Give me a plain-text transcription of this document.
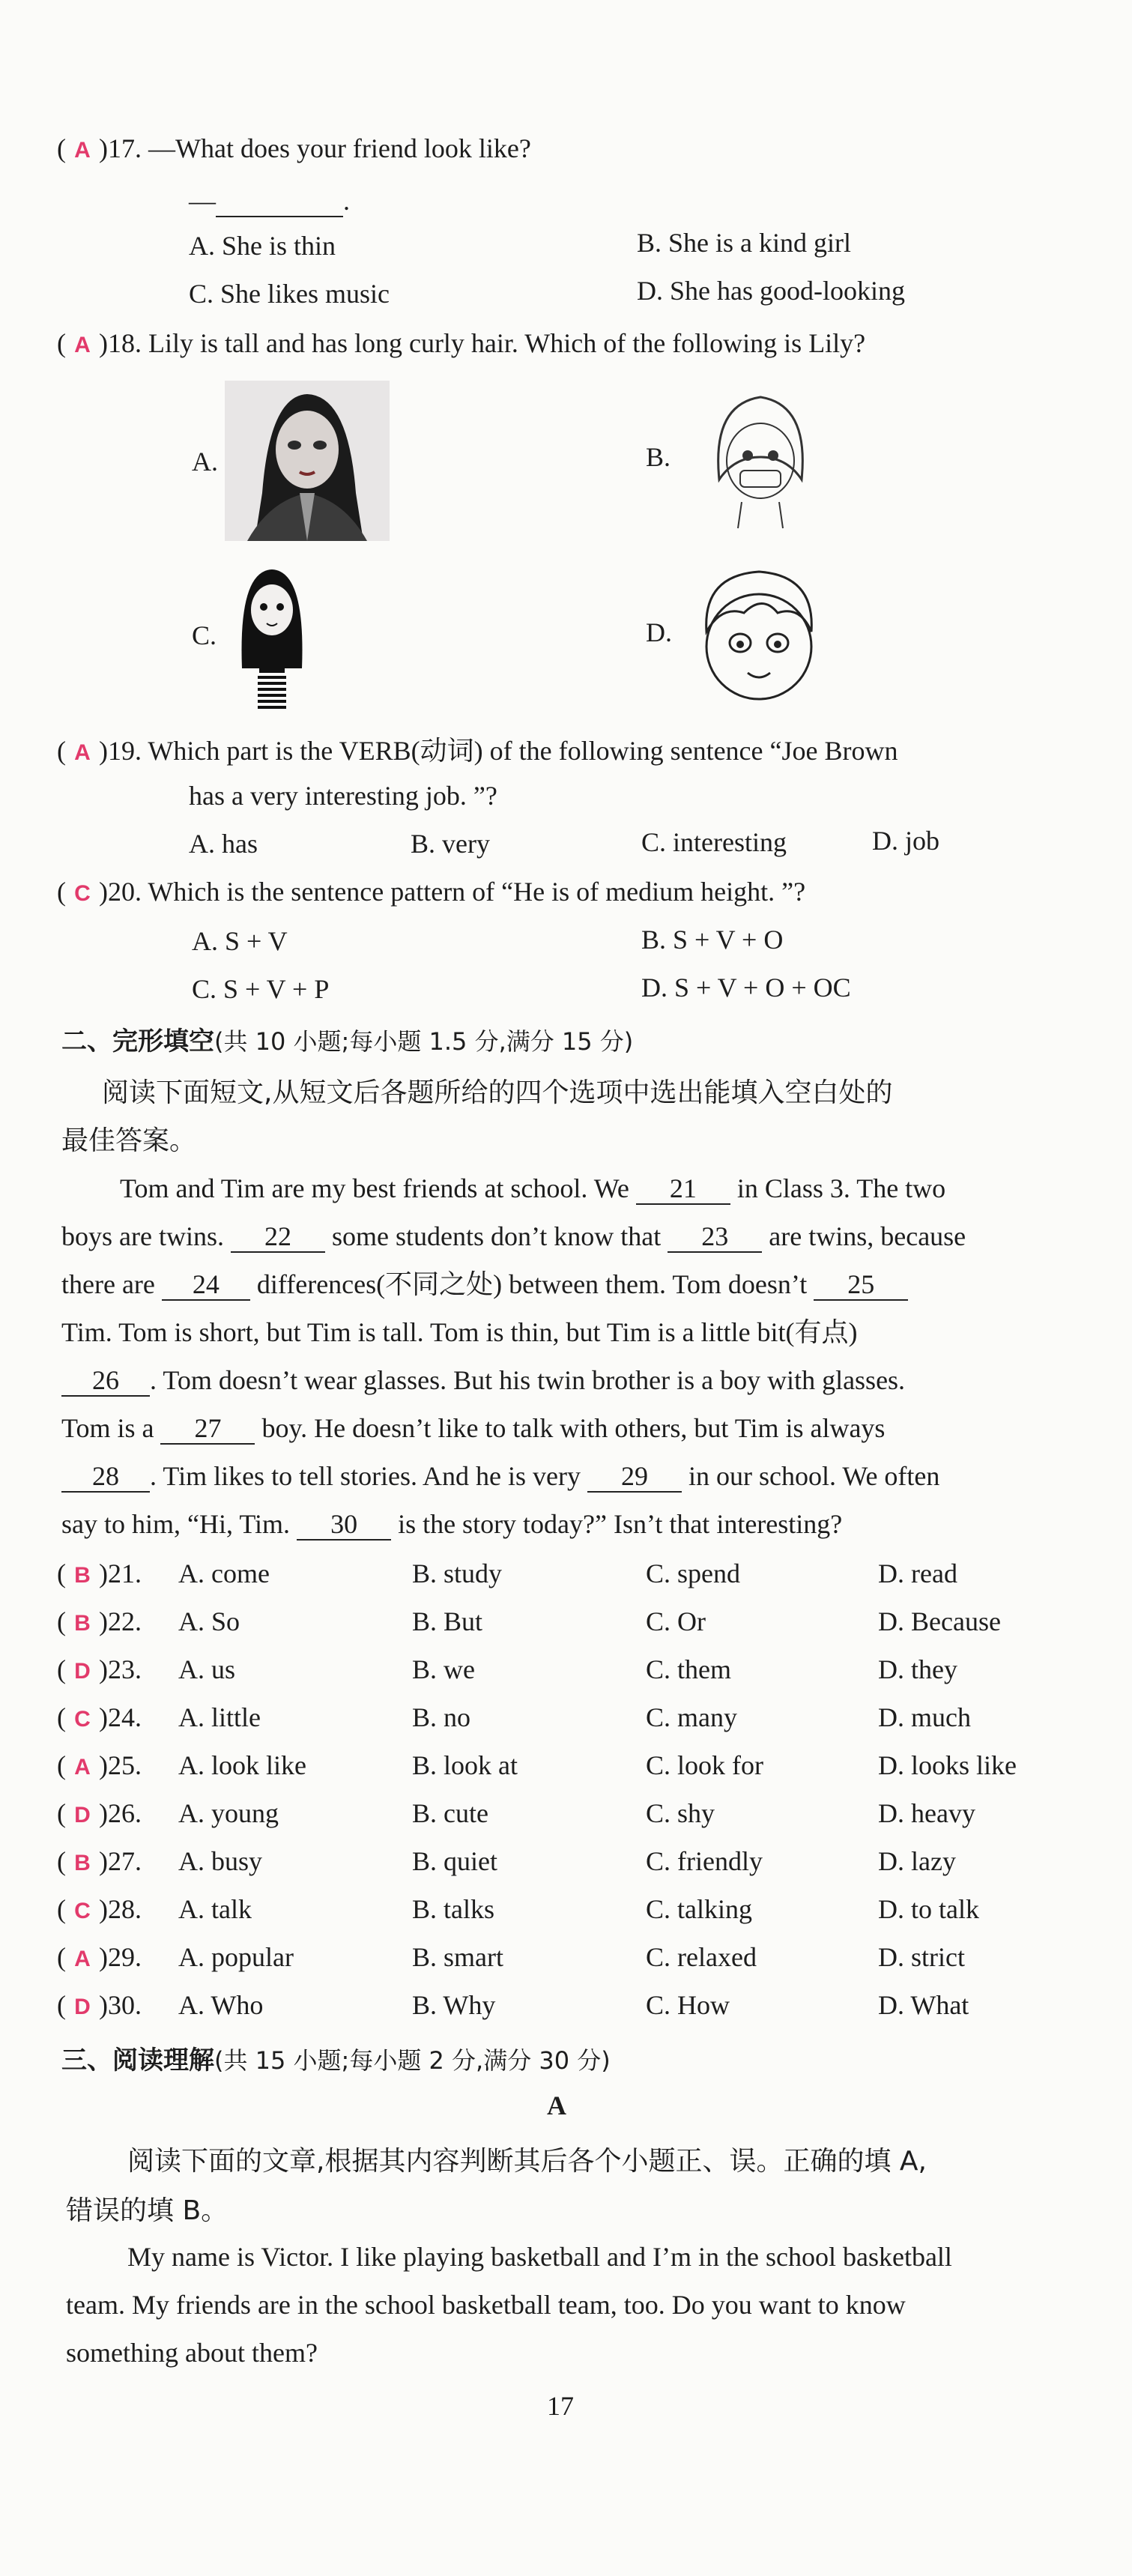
( A )17. —What does your friend look like?
—	.
A. She is thin	B. She is a kind girl
C. She likes music	D. She has good-looking
( A )18. Lily is tall and has long curly hair. Which of the following is Lily?
A.	B.
C.	D.
( A )19. Which part is the VERB(动词) of the following sentence “Joe Brown
has a very interesting job. ”?
A. has	B. very	C. interesting	D. job
( C )20. Which is the sentence pattern of “He is of medium height. ”?
A. S + V	B. S + V + O
C. S + V + P	D. S + V + O + OC
二、完形填空(共 10 小题;每小题 1.5 分,满分 15 分)
阅读下面短文,从短文后各题所给的四个选项中选出能填入空白处的
最佳答案。
Tom and Tim are my best friends at school. We 21 in Class 3. The two
boys are twins. 22 some students don’t know that 23 are twins, because
there are 24 differences(不同之处) between them. Tom doesn’t 25
Tim. Tom is short, but Tim is tall. Tom is thin, but Tim is a little bit(有点)
26 . Tom doesn’t wear glasses. But his twin brother is a boy with glasses.
Tom is a 27 boy. He doesn’t like to talk with others, but Tim is always
28 . Tim likes to tell stories. And he is very 29 in our school. We often
say to him, “Hi, Tim. 30 is the story today?” Isn’t that interesting?
( B )21. A. come	B. study	C. spend	D. read
( B )22. A. So	B. But	C. Or	D. Because
( D )23. A. us	B. we	C. them	D. they
( C )24. A. little	B. no	C. many	D. much
( A )25. A. look like	B. look at	C. look for	D. looks like
( D )26. A. young	B. cute	C. shy	D. heavy
( B )27. A. busy	B. quiet	C. friendly	D. lazy
( C )28. A. talk	B. talks	C. talking	D. to talk
( A )29. A. popular	B. smart	C. relaxed	D. strict
( D )30. A. Who	B. Why	C. How	D. What
三、阅读理解(共 15 小题;每小题 2 分,满分 30 分)
A
阅读下面的文章,根据其内容判断其后各个小题正、误。正确的填 A,
错误的填 B。
My name is Victor. I like playing basketball and I’m in the school basketball
team. My friends are in the school basketball team, too. Do you want to know
something about them?
17
